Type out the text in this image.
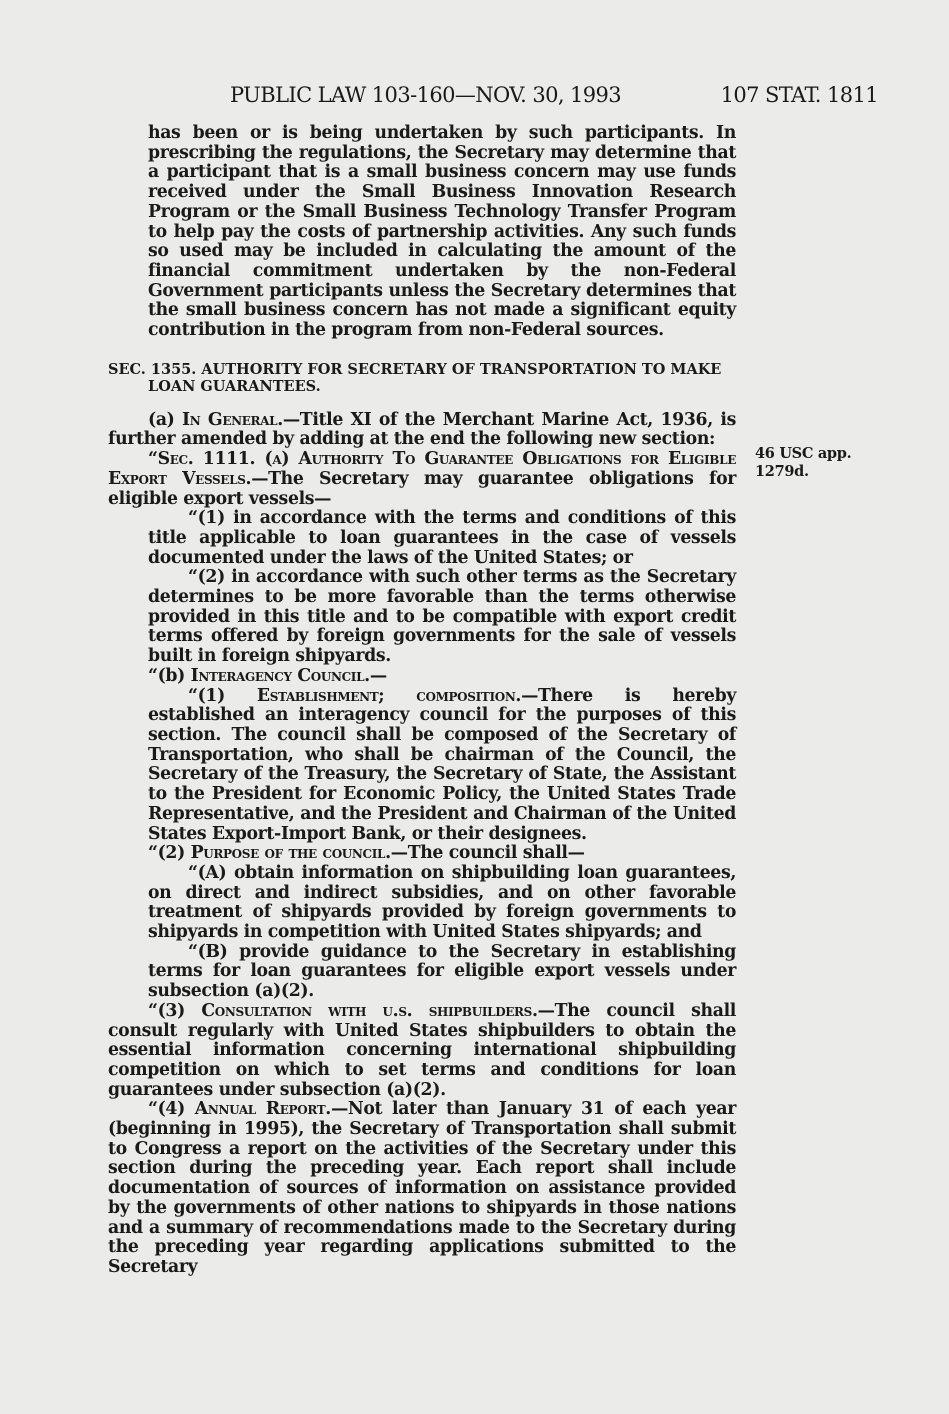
PUBLIC LAW 103-160—NOV. 30, 1993	107 STAT. 1811
46 USC app.
1279d.

has been or is being undertaken by such participants. In prescribing the regulations, the Secretary may determine that a participant that is a small business concern may use funds received under the Small Business Innovation Research Program or the Small Business Technology Transfer Program to help pay the costs of partnership activities. Any such funds so used may be included in calculating the amount of the financial commitment undertaken by the non-Federal Government participants unless the Secretary determines that the small business concern has not made a significant equity contribution in the program from non-Federal sources.

SEC. 1355. AUTHORITY FOR SECRETARY OF TRANSPORTATION TO MAKE LOAN GUARANTEES.

(a) In General.—Title XI of the Merchant Marine Act, 1936, is further amended by adding at the end the following new section:

“Sec. 1111. (a) Authority To Guarantee Obligations for Eligible Export Vessels.—The Secretary may guarantee obligations for eligible export vessels—

“(1) in accordance with the terms and conditions of this title applicable to loan guarantees in the case of vessels documented under the laws of the United States; or

“(2) in accordance with such other terms as the Secretary determines to be more favorable than the terms otherwise provided in this title and to be compatible with export credit terms offered by foreign governments for the sale of vessels built in foreign shipyards.

“(b) Interagency Council.—

“(1) Establishment; composition.—There is hereby established an interagency council for the purposes of this section. The council shall be composed of the Secretary of Transportation, who shall be chairman of the Council, the Secretary of the Treasury, the Secretary of State, the Assistant to the President for Economic Policy, the United States Trade Representative, and the President and Chairman of the United States Export-Import Bank, or their designees.

“(2) Purpose of the council.—The council shall—

“(A) obtain information on shipbuilding loan guarantees, on direct and indirect subsidies, and on other favorable treatment of shipyards provided by foreign governments to shipyards in competition with United States shipyards; and

“(B) provide guidance to the Secretary in establishing terms for loan guarantees for eligible export vessels under subsection (a)(2).

“(3) Consultation with u.s. shipbuilders.—The council shall consult regularly with United States shipbuilders to obtain the essential information concerning international shipbuilding competition on which to set terms and conditions for loan guarantees under subsection (a)(2).

“(4) Annual Report.—Not later than January 31 of each year (beginning in 1995), the Secretary of Transportation shall submit to Congress a report on the activities of the Secretary under this section during the preceding year. Each report shall include documentation of sources of information on assistance provided by the governments of other nations to shipyards in those nations and a summary of recommendations made to the Secretary during the preceding year regarding applications submitted to the Secretary
